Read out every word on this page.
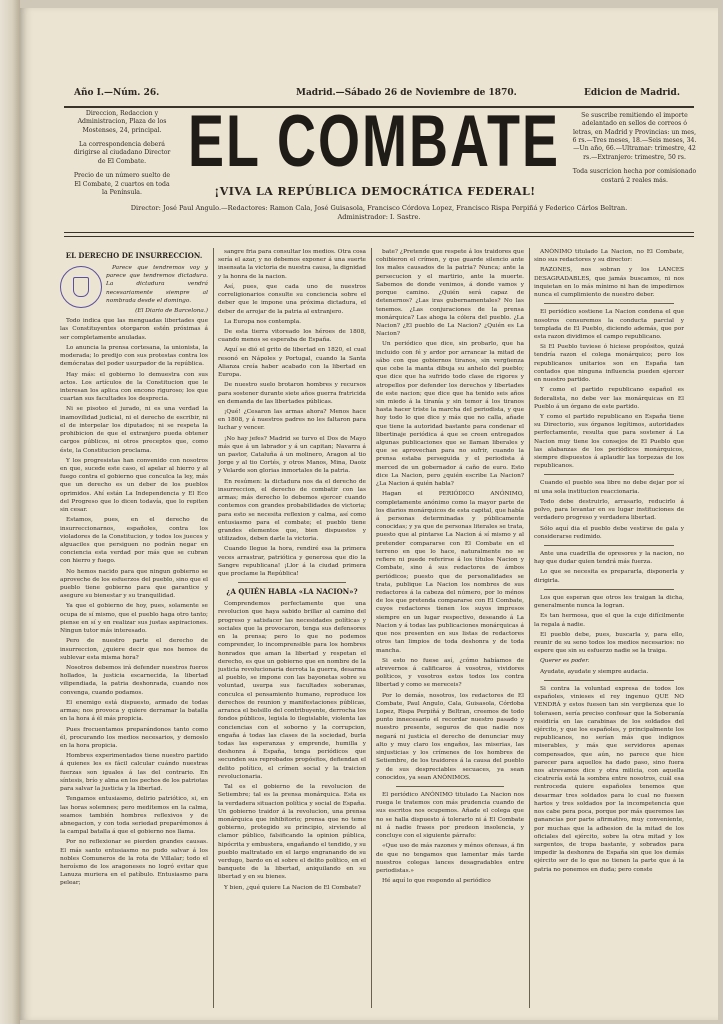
Año I.—Núm. 26.	Madrid.—Sábado 26 de Noviembre de 1870.	Edicion de Madrid.

Direccion, Redaccion y Administracion, Plaza de los Mostenses, 24, principal.

La correspondencia deberá dirigirse al ciudadano Director de El Combate.

Precio de un número suelto de El Combate, 2 cuartos en toda la Península.

EL COMBATE	Se suscribe remitiendo el importe adelantado en sellos de correos ó letras, en Madrid y Provincias: un mes, 6 rs.—Tres meses, 18.—Seis meses, 34.—Un año, 66.—Ultramar: trimestre, 42 rs.—Extranjero: trimestre, 50 rs.

Toda suscricion hecha por comisionado costará 2 reales más.

¡VIVA LA REPÚBLICA DEMOCRÁTICA FEDERAL!
Director: José Paul Angulo.—Redactores: Ramon Cala, José Guisasola, Francisco Córdova Lopez, Francisco Rispa Perpiñá y Federico Cárlos Beltran.
Administrador: I. Sastre.
EL DERECHO DE INSURRECCION.

Parece que tendremos voy y parece que tendremos dictadura. La dictadura vendrá necesariamente siempre al nombrada desde el domingo.

(El Diario de Barcelona.)

Todo indica que las menguadas libertades que las Constituyentes otorgaron estén próximas á ser completamente anuladas.

Lo anuncia la prensa cortesana, la unionista, la moderada; lo predijo con sus protestas contra los demócratas del poder usurpador de la república.

Hay más: el gobierno lo demuestra con sus actos. Los artículos de la Constitucion que le interesan los aplica con encono riguroso; los que cuartan sus facultades los desprecia.

Ni se pisoteo el jurado, ni es una verdad la inamovilidad judicial, ni el derecho de escribir, ni el de interpelar los diputados; ni se respeta la prohibicion de que el extranjero pueda obtener cargos públicos, ni otros preceptos que, como éste, la Constitucion proclama.

Y los progresistas han convenido con nosotros en que, sucede este caso, el apelar al hierro y al fuego contra el gobierno que conculca la ley, más que un derecho es un deber de los pueblos oprimidos. Ahí están La Independencia y El Eco del Progreso que lo dicen todavía, que lo repiten sin cesar.

Estamos, pues, en el derecho de insurreccionarnos, españoles, contra los violadores de la Constitucion, y todos los jueces y alguaciles que persiguen no podrán negar en conciencia esta verdad por más que se cubran con hierro y fuego.

No hemos nacido para que ningun gobierno se aproveche de los esfuerzos del pueblo, sino que el pueblo tiene gobierno para que garantice y asegure su bienestar y su tranquilidad.

Ya que el gobierno de hoy, pues, solamente se ocupa de sí mismo, que el pueblo haga otro tanto; piense en sí y en realizar sus justas aspiraciones. Ningun tutor más interesado.

Pero de nuestro parte el derecho de insurreccion, ¿quiere decir que nos hemos de sublevar esta misma hora?

Nosotros debemos irá defender nuestros fueros hollados, la justicia escarnecida, la libertad vilipendiada, la patria deshonrada, cuando nos convenga, cuando podamos.

El enemigo está dispuesto, armado de todas armas; nos provoca y quiere derramar la batalla en la hora á él más propicia.

Pues frecuentamos preparándonos tanto como él, procurando los medios necesarios, y demoslo en la hora propicia.

Hombres experimentados tiene nuestro partido á quienes les es fácil calcular cuándo nuestras fuerzas son iguales á las del contrario. En síntesis, brío y alma en los pechos de los patriotas para salvar la justicia y la libertad.

Tengamos entusiasmo, delirio patriótico, si, en las horas solemnes; pero meditemos en la calma, seamos también hombres reflexivos y de abnegacion, y con toda seriedad preparémonos á la campal batalla á que el gobierno nos llama.

Por no reflexionar se pierden grandes causas. El más santo entusiasmo no pudo salvar á los nobles Comuneros de la rota de Villalar; todo el heroísmo de los aragoneses no logró evitar que Lanuza muriera en el patíbulo. Entusiasmo para pelear;

sangre fria para consultar los medios. Otra cosa sería el azar, y no debemos exponer á una suerte insensata la victoria de nuestra causa, la dignidad y la honra de la nacion.

Así, pues, que cada uno de nuestros correligionarios consulte su conciencia sobre el deber que le impone una próxima dictadura, el deber de arrojar de la patria al extranjero.

La Europa nos contempla.

De esta tierra vitoreado los héroes de 1808, cuando menos se esperaba de España.

Aquí se dió el grito de libertad en 1820, el cual resonó en Nápoles y Portugal, cuando la Santa Alianza creía haber acabado con la libertad en Europa.

De nuestro suelo brotaron hombres y recursos para sostener durante siete años guerra fratricida en demanda de las libertades públicas.

¡Qué! ¿Cesaron las armas ahora? Menos hace en 1808, y á nuestros padres no les faltaron para luchar y vencer.

¡No hay jefes? Madrid se turvo el Dos de Mayo más que á un labrador y á un capitan; Navarra á un pastor, Cataluña á un molinero, Aragon al tio Jorge y al tio Cortés, y otros Manos, Mina, Daoiz y Velarde son glorias inmortales de la patria.

En resúmen: la dictadura nos da el derecho de insurreccion, el derecho de combatir con las armas; más derecho lo debemos ejercer cuando contemos con grandes probabilidades de victoria; para esto se necesita reflexion y calma, así como entusiasmo para el combate; el pueblo tiene grandes elementos que, bien dispuestos y utilizados, deben darle la victoria.

Cuando llegue la hora, rendiré esa la primera veces arrastrar, patriótica y generosa que dio la Sangre republicana! ¡Llor á la ciudad primera que proclame la República!

¿A QUIÉN HABLA «LA NACION»?

Comprendemos perfectamente que una revolucion que haya sabido brillar al camino del progreso y satisfacer las necesidades políticas y sociales que la provocaron, tenga sus defensores en la prensa; pero lo que no podemos comprender, lo incomprensible para los hombres honrados que aman la libertad y respetan el derecho, es que un gobierno que en nombre de la justicia revolucionaria derrota la guerra, desarma al pueblo, se impone con las bayonetas sobre su voluntad, usurpa sus facultades soberanas, conculca el pensamiento humano, reproduce los derechos de reunion y manifestaciones públicas, arranca el bolsillo del contribuyente, derrocha los fondos públicos, legisla lo ilegislable, violenta las conciencias con el soborno y la corrupcion, engaña á todas las clases de la sociedad, burla todas las esperanzas y emprende, humilla y deshonra á España, tenga periódicos que secunden sus reprobados propósitos, defiendan el delito político, el crímen social y la traicion revolucionaria.

Tal es el gobierno de la revolucion de Setiembre; tal es la prensa monárquica. Esta es la verdadera situacion política y social de España. Un gobierno traidor á la revolucion, una prensa monárquica que inhibitorio; prensa que no teme gobierno, protegido su principio, sirviendo al clamor público, falsificando la opinion pública, hipócrita y embustera, engañando el tendido, y su pueblo maltratado en el largo engranando de su verdugo, bardo en el sobre el delito político, en el banquete de la libertad, aniquilando en su libertad y en su bienes.

Y bien, ¿qué quiere La Nacion de El Combate?

bate? ¿Pretende que respete á los traidores que cohibieron el crímen, y que guarde silencio ante los males causados de la patria? Nunca; ante la persecucion y el martirio, ante la muerte. Sabemos de donde venimos, á donde vamos y porque camino. ¿Quién será capaz de detenernos? ¿Las iras gubernamentales? No las tenemos. ¿Las conjuraciones de la prensa monárquica? Las ahoga la cólera del pueblo. ¿La Nacion? ¿El pueblo de La Nacion? ¿Quién es La Nacion?

Un periódico que dice, sin probarlo, que ha incluido con fé y ardor por arrancar la mitad de sábo con que gobiernos tiranos, sin vergüenza que cebe la manta dibuja su anhelo del pueblo; que dice que ha sufrido todo clase de rigores y atropellos por defender los derechos y libertades de este nacion; que dice que ha tenido seis años sin miedo á la tiranía y sin temor á los tiranos hasta hacer triste la marcha del periodista, y que hoy todo lo que dice y más que no calla, añade que tiene la autoridad bastante para condenar el libertinaje periódica á que se creen entregados algunas publicaciones que se llaman liberales y que se aprovechan para no sufrir, cuando la prensa estaba perseguida y el periodista á merced de un gobernador á caño de euro. Esto dice La Nacion, pero ¿quién escribe La Nacion? ¿La Nacion á quién habla?

Hagan el PERIÓDICO ANÓNIMO, completamente anónimo como la mayor parte de los diarios monárquicos de esta capital, que había á personas determinadas y públicamente conocidas; y ya que de personas literales se trata, puesto que al pintarse La Nacion á sí mismo y al pretender compararse con El Combate en el terreno en que lo hace, naturalmente no se refiere ni puede referirse á los títulos Nacion y Combate, sino á sus redactores de ámbos periódicos; puesto que de personalidades se trata, publique La Nacion los nombres de sus redactores á la cabeza del número, por lo ménos de los que pretenda compararse con El Combate, cuyos redactores tienen los suyos impresos siempre en un lugar respectivo, deseando á La Nacion y á todas las publicaciones monárquicas á que nos presenten en sus listas de redactores otros tan limpios de toda deshonra y de toda mancha.

Si esto no fuese así, ¿cómo habíamos de atrevernos á calificaros á vosotros, vividores políticos, y vosotros estos todos los contra libertad y como se mereceis?

Por lo demás, nosotros, los redactores de El Combate, Paul Angulo, Cala, Guisasola, Córdoba Lopez, Rispa Perpiñá y Beltran, creemos de todo punto innecesario el recordar nuestro pasado y nuestro presente, seguros de que nadie nos negará ni justicia el derecho de denunciar muy alto y muy claro los engaños, las miserias, las sinjusticias y los crímenes de los hombres de Setiembre, de los traidores á la causa del pueblo y de sus despreciables secuaces, ya sean conocidos, ya sean ANÓNIMOS.

El periódico ANÓNIMO titulado La Nacion nos ruega le tratemos con más prudencia cuando de sus escritos nos ocupemos. Añade el colega que no se halla dispuesto á tolerarlo ni á El Combate ni á nadie frases por predeon insolencia, y concluye con el siguiente párrafo:

«Que uso de más razones y ménos ofensas, á fin de que no tengamos que lamentar más tarde nuestros colegas lances desagradables entre periodistas.»

Hé aquí lo que respondo al periódico

ANÓNIMO titulado La Nacion, no El Combate, sino sus redactores y su director:

RAZONES, nos sobran y los LANCES DESAGRADABLES, que jamás buscamos, ni nos inquietan en lo más mínimo ni han de impedirnos nunca el cumplimiento de nuestro deber.

El periódico sostiene La Nacion condena el que nosotros censuremos la conducta parcial y templada de El Pueblo, diciendo además, que por esta razon dividimos el campo republicano.

Si El Pueblo tuviese ó hiciese propósitos, quizá tendría razon el colega monárquico; pero los republicanos unitarios son en España tan contados que ninguna influencia pueden ejercer en nuestro partido.

Y como el partido republicano español es federalista, no debe ver las monárquicas en El Pueblo á un órgano de este partido.

Y como el partido republicano en España tiene su Directorio, sus órganos legítimos, autoridades perfectamente, resulta que para sostener á La Nacion muy tiene los consejos de El Pueblo que las alabanzas de los periódicos monárquicos, siempre dispuestos á aplaudir las torpezas de los republicanos.

Cuando el pueblo sea libre no debe dejar por sí ni una sola institucion reaccionaria.

Todo debe destruirlo, arrasarlo, reducirlo á polvo, para levantar en su lugar instituciones de verdadero progreso y verdadera libertad.

Sólo aquí dia el pueblo debe vestirse de gala y considerarse redimido.

Ante una cuadrilla de opresores y la nacion, no hay que dudar quien tendrá más fuerza.

Lo que se necesita es prepararla, disponerla y dirigirla.

Los que esperan que otros les traigan la dicha, generalmente nunca la logran.

Es tan hermosa, que el que la cuje difícilmente la regala á nadie.

El pueblo debe, pues, buscarla y, para ello, reunir de su seno todos los medios necesarios: no espere que sin su esfuerzo nadie se la traiga.

Querer es poder.

Ayudate, ayudate y siempre audacia.

Si contra la voluntad expresa de todos los españoles, vinieses el rey ingenuo QUE NO VENDRÁ y estos fuesen tan sin vergüenza que lo tolerasen, sería preciso confesar que la Soberanía residiría en las carabinas de los soldados del ejército, y que los españoles, y principalmente los republicanos, no serían más que indignos miserables, y más que servidores apenas compensados, que aún, no parece que hice parecer para aquellos ha dado paso, sino fuera nos atrevamos dice y otra milicia, con aquella cicatrería está la sombra entre nosotros, cuál esa rentroceda quiere españoles tenemos que desarmar tres soldados para lo cual no fuesen hartos y tres soldados por la incompetencia que nos cabe pera poca, porque por más queremos las ganancias por parte afirmativo, muy conveniente, por muchas que la adhesion de la mitad de los oficiales del ejército, sobre la otra mitad y los sargentos, de tropa bastante, y sobrados para impedir la deshonra de España sin que los demás ejército ser de lo que no tienen la parte que á la patria no ponemos en duda; pero conste
